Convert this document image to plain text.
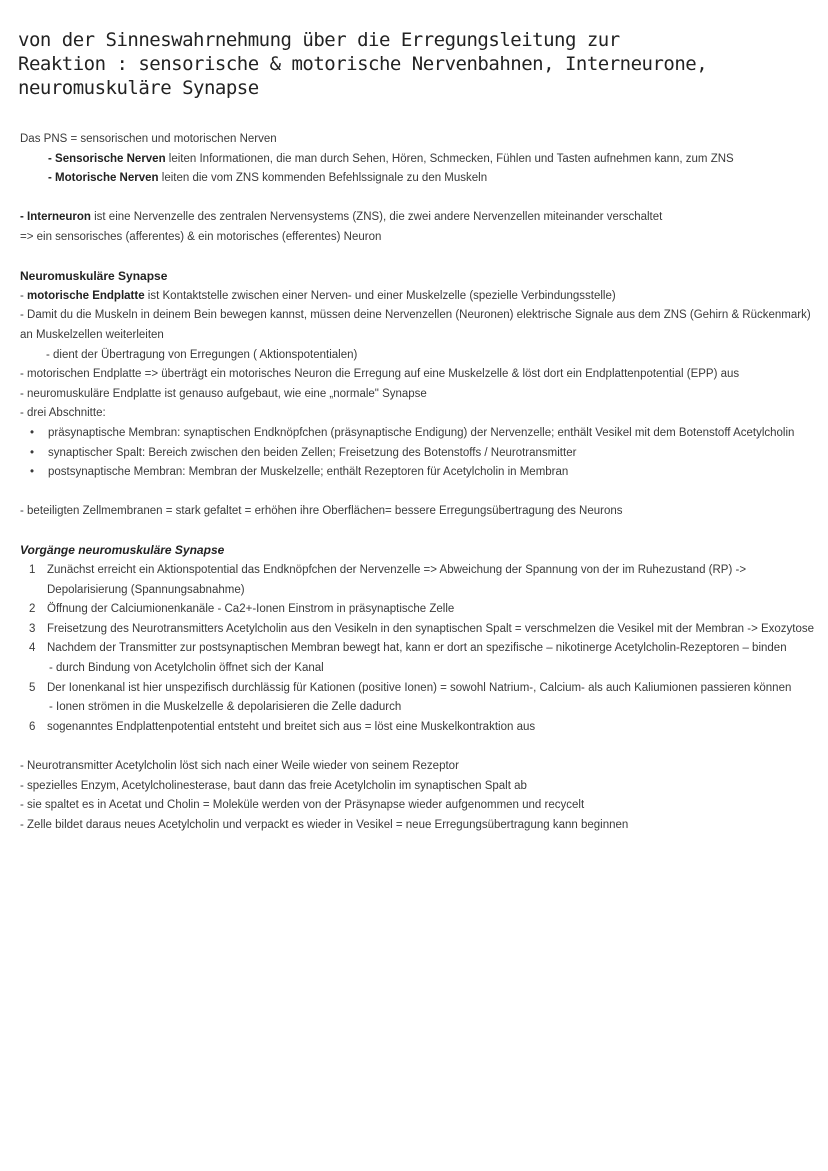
von der Sinneswahrnehmung über die Erregungsleitung zur
Reaktion : sensorische & motorische Nervenbahnen, Interneurone,
neuromuskuläre Synapse
Das PNS = sensorischen und motorischen Nerven
- Sensorische Nerven leiten Informationen, die man durch Sehen, Hören, Schmecken, Fühlen und Tasten aufnehmen kann, zum ZNS
- Motorische Nerven leiten die vom ZNS kommenden Befehlssignale zu den Muskeln
- Interneuron ist eine Nervenzelle des zentralen Nervensystems (ZNS), die zwei andere Nervenzellen miteinander verschaltet
=> ein sensorisches (afferentes) & ein motorisches (efferentes) Neuron
Neuromuskuläre Synapse
- motorische Endplatte ist Kontaktstelle zwischen einer Nerven- und einer Muskelzelle (spezielle Verbindungsstelle)
- Damit du die Muskeln in deinem Bein bewegen kannst, müssen deine Nervenzellen (Neuronen) elektrische Signale aus dem ZNS (Gehirn & Rückenmark)
an Muskelzellen weiterleiten
- dient der Übertragung von Erregungen ( Aktionspotentialen)
- motorischen Endplatte => überträgt ein motorisches Neuron die Erregung auf eine Muskelzelle & löst dort ein Endplattenpotential (EPP) aus
- neuromuskuläre Endplatte ist genauso aufgebaut, wie eine „normale" Synapse
- drei Abschnitte:
• präsynaptische Membran: synaptischen Endknöpfchen (präsynaptische Endigung) der Nervenzelle; enthält Vesikel mit dem Botenstoff Acetylcholin
• synaptischer Spalt: Bereich zwischen den beiden Zellen; Freisetzung des Botenstoffs / Neurotransmitter
• postsynaptische Membran: Membran der Muskelzelle; enthält Rezeptoren für Acetylcholin in Membran
- beteiligten Zellmembranen = stark gefaltet = erhöhen ihre Oberflächen= bessere Erregungsübertragung des Neurons
Vorgänge neuromuskuläre Synapse
1 Zunächst erreicht ein Aktionspotential das Endknöpfchen der Nervenzelle => Abweichung der Spannung von der im Ruhezustand (RP) ->
Depolarisierung (Spannungsabnahme)
2 Öffnung der Calciumionenkanäle - Ca2+-Ionen Einstrom in präsynaptische Zelle
3 Freisetzung des Neurotransmitters Acetylcholin aus den Vesikeln in den synaptischen Spalt = verschmelzen die Vesikel mit der Membran -> Exozytose
4 Nachdem der Transmitter zur postsynaptischen Membran bewegt hat, kann er dort an spezifische – nikotinerge Acetylcholin-Rezeptoren – binden
- durch Bindung von Acetylcholin öffnet sich der Kanal
5 Der Ionenkanal ist hier unspezifisch durchlässig für Kationen (positive Ionen) = sowohl Natrium-, Calcium- als auch Kaliumionen passieren können
- Ionen strömen in die Muskelzelle & depolarisieren die Zelle dadurch
6 sogenanntes Endplattenpotential entsteht und breitet sich aus = löst eine Muskelkontraktion aus
- Neurotransmitter Acetylcholin löst sich nach einer Weile wieder von seinem Rezeptor
- spezielles Enzym, Acetylcholinesterase, baut dann das freie Acetylcholin im synaptischen Spalt ab
- sie spaltet es in Acetat und Cholin = Moleküle werden von der Präsynapse wieder aufgenommen und recycelt
- Zelle bildet daraus neues Acetylcholin und verpackt es wieder in Vesikel = neue Erregungsübertragung kann beginnen
